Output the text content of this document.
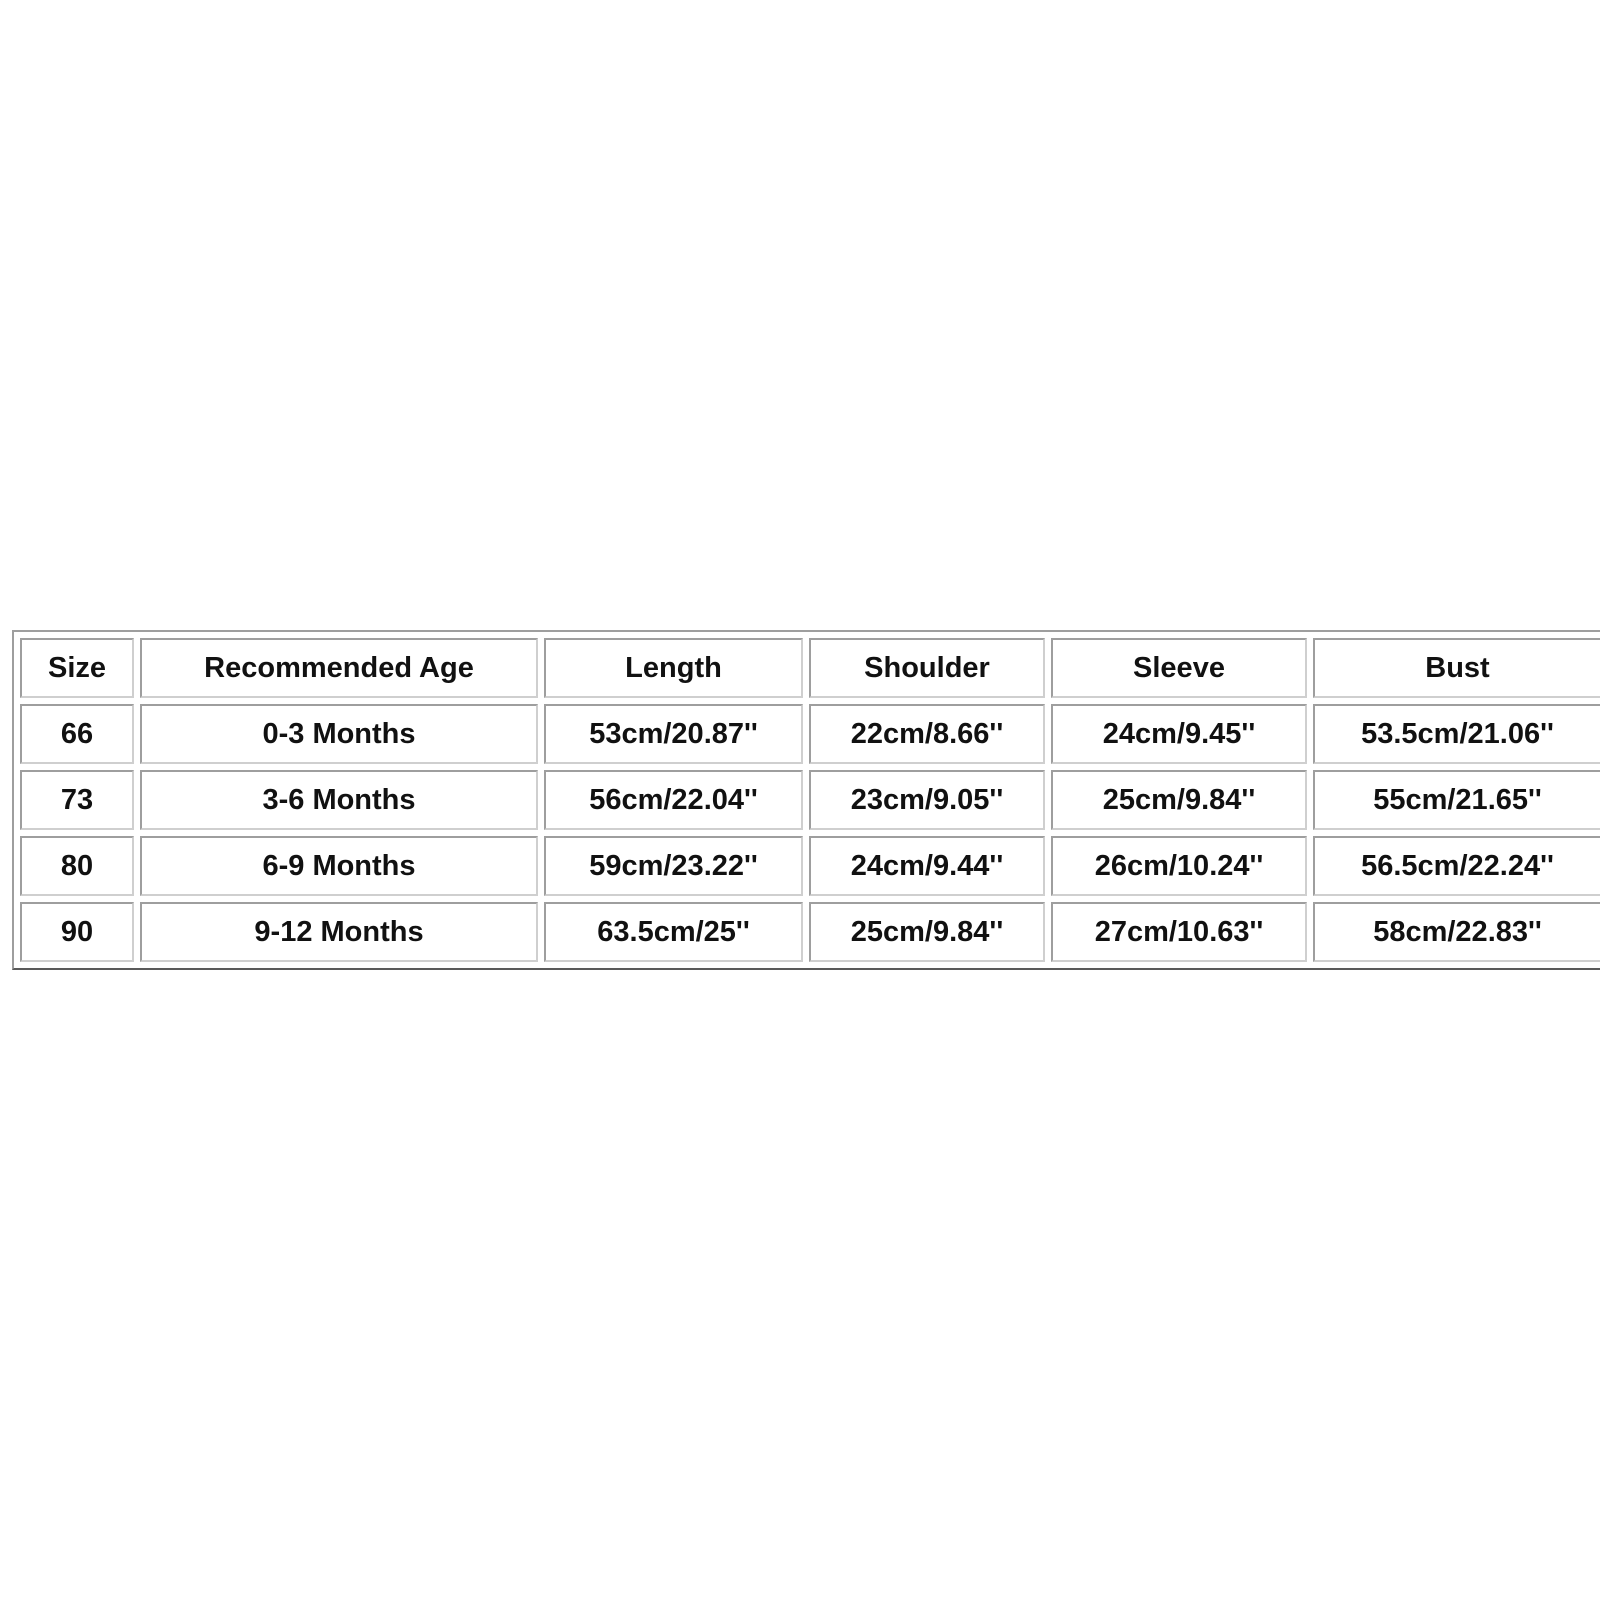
Size	Recommended Age	Length	Shoulder	Sleeve	Bust
66	0-3 Months	53cm/20.87''	22cm/8.66''	24cm/9.45''	53.5cm/21.06''
73	3-6 Months	56cm/22.04''	23cm/9.05''	25cm/9.84''	55cm/21.65''
80	6-9 Months	59cm/23.22''	24cm/9.44''	26cm/10.24''	56.5cm/22.24''
90	9-12 Months	63.5cm/25''	25cm/9.84''	27cm/10.63''	58cm/22.83''
